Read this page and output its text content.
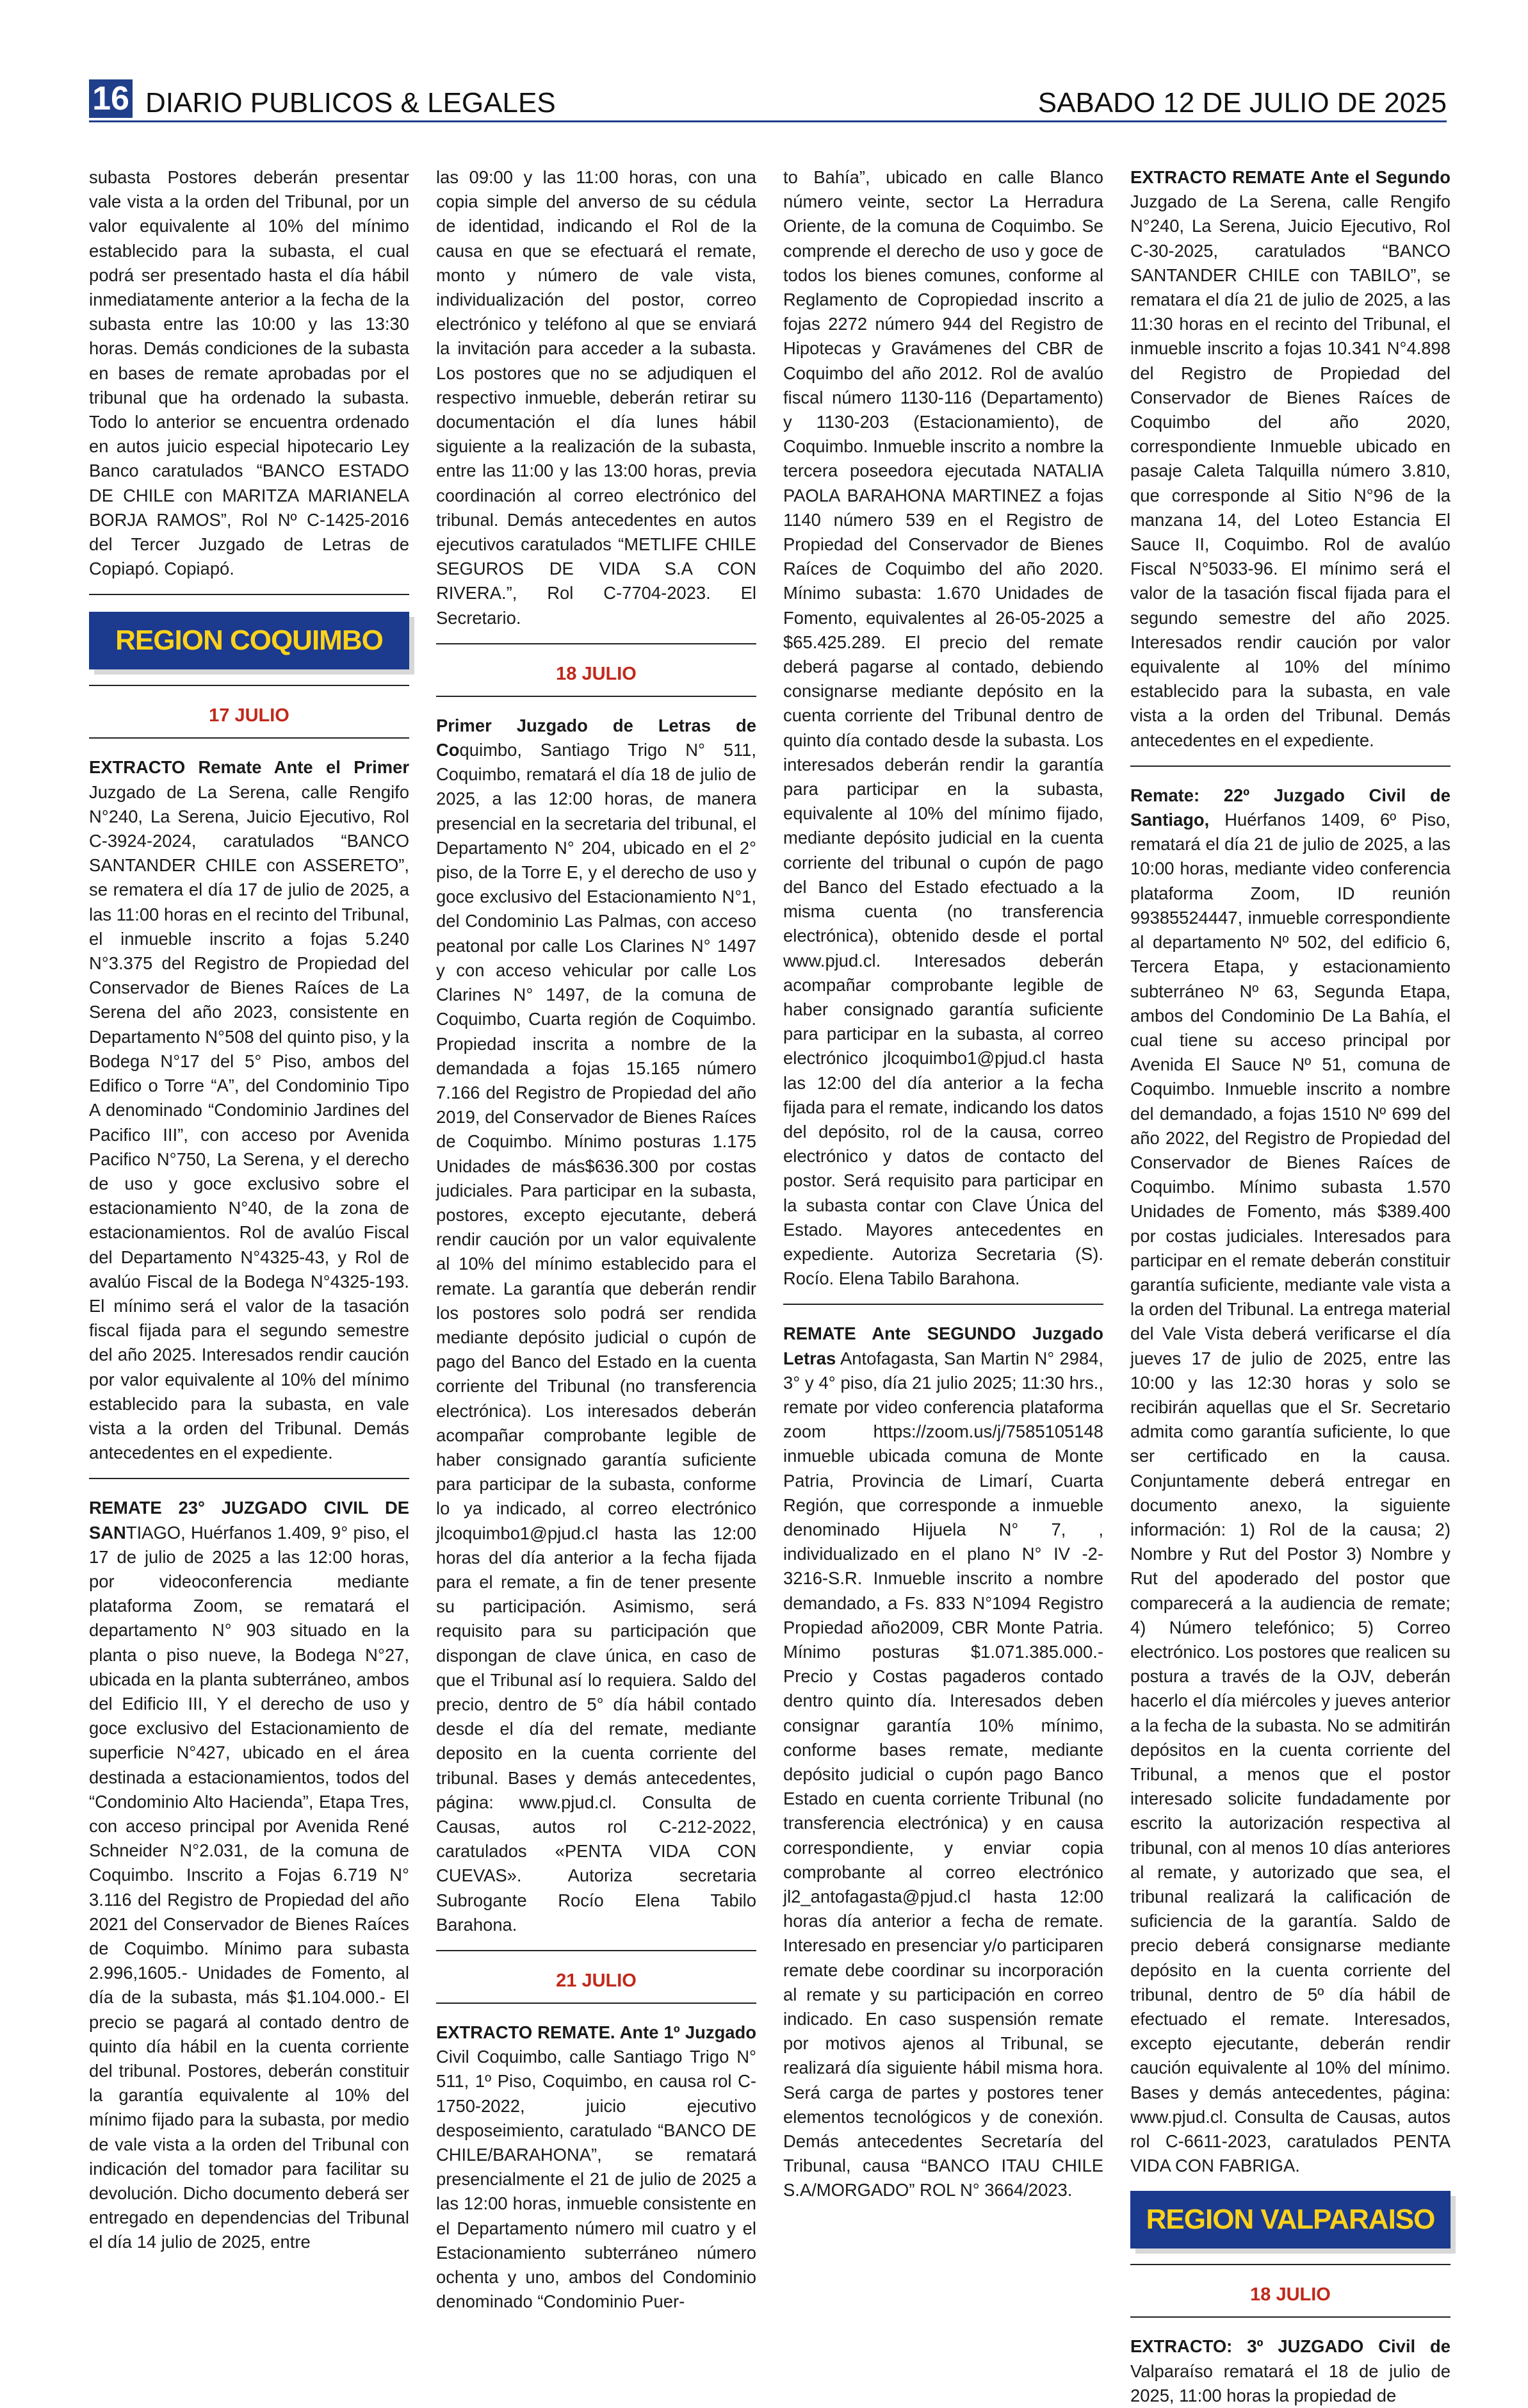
16 DIARIO PUBLICOS & LEGALES	SABADO 12 DE JULIO DE 2025

subasta Postores deberán presentar vale vista a la orden del Tribunal, por un valor equivalente al 10% del mínimo establecido para la subasta, el cual podrá ser presentado hasta el día hábil inmediatamente anterior a la fecha de la subasta entre las 10:00 y las 13:30 horas. Demás condiciones de la subasta en bases de remate aprobadas por el tribunal que ha ordenado la subasta. Todo lo anterior se encuentra ordenado en autos juicio especial hipotecario Ley Banco caratulados “BANCO ESTADO DE CHILE con MARITZA MARIANELA BORJA RAMOS”, Rol Nº C-1425-2016 del Tercer Juzgado de Letras de Copiapó. Copiapó.

REGION COQUIMBO
17 JULIO

EXTRACTO Remate Ante el Primer Juzgado de La Serena, calle Rengifo N°240, La Serena, Juicio Ejecutivo, Rol C-3924-2024, caratulados “BANCO SANTANDER CHILE con ASSERETO”, se rematera el día 17 de julio de 2025, a las 11:00 horas en el recinto del Tribunal, el inmueble inscrito a fojas 5.240 N°3.375 del Registro de Propiedad del Conservador de Bienes Raíces de La Serena del año 2023, consistente en Departamento N°508 del quinto piso, y la Bodega N°17 del 5° Piso, ambos del Edifico o Torre “A”, del Condominio Tipo A denominado “Condominio Jardines del Pacifico III”, con acceso por Avenida Pacifico N°750, La Serena, y el derecho de uso y goce exclusivo sobre el estacionamiento N°40, de la zona de estacionamientos. Rol de avalúo Fiscal del Departamento N°4325-43, y Rol de avalúo Fiscal de la Bodega N°4325-193. El mínimo será el valor de la tasación fiscal fijada para el segundo semestre del año 2025. Interesados rendir caución por valor equivalente al 10% del mínimo establecido para la subasta, en vale vista a la orden del Tribunal. Demás antecedentes en el expediente.

REMATE 23° JUZGADO CIVIL DE SANTIAGO, Huérfanos 1.409, 9° piso, el 17 de julio de 2025 a las 12:00 horas, por videoconferencia mediante plataforma Zoom, se rematará el departamento N° 903 situado en la planta o piso nueve, la Bodega N°27, ubicada en la planta subterráneo, ambos del Edificio III, Y el derecho de uso y goce exclusivo del Estacionamiento de superficie N°427, ubicado en el área destinada a estacionamientos, todos del “Condominio Alto Hacienda”, Etapa Tres, con acceso principal por Avenida René Schneider N°2.031, de la comuna de Coquimbo. Inscrito a Fojas 6.719 N° 3.116 del Registro de Propiedad del año 2021 del Conservador de Bienes Raíces de Coquimbo. Mínimo para subasta 2.996,1605.- Unidades de Fomento, al día de la subasta, más $1.104.000.- El precio se pagará al contado dentro de quinto día hábil en la cuenta corriente del tribunal. Postores, deberán constituir la garantía equivalente al 10% del mínimo fijado para la subasta, por medio de vale vista a la orden del Tribunal con indicación del tomador para facilitar su devolución. Dicho documento deberá ser entregado en dependencias del Tribunal el día 14 julio de 2025, entre

las 09:00 y las 11:00 horas, con una copia simple del anverso de su cédula de identidad, indicando el Rol de la causa en que se efectuará el remate, monto y número de vale vista, individualización del postor, correo electrónico y teléfono al que se enviará la invitación para acceder a la subasta. Los postores que no se adjudiquen el respectivo inmueble, deberán retirar su documentación el día lunes hábil siguiente a la realización de la subasta, entre las 11:00 y las 13:00 horas, previa coordinación al correo electrónico del tribunal. Demás antecedentes en autos ejecutivos caratulados “METLIFE CHILE SEGUROS DE VIDA S.A CON RIVERA.”, Rol C-7704-2023. El Secretario.

18 JULIO

Primer Juzgado de Letras de Coquimbo, Santiago Trigo N° 511, Coquimbo, rematará el día 18 de julio de 2025, a las 12:00 horas, de manera presencial en la secretaria del tribunal, el Departamento N° 204, ubicado en el 2° piso, de la Torre E, y el derecho de uso y goce exclusivo del Estacionamiento N°1, del Condominio Las Palmas, con acceso peatonal por calle Los Clarines N° 1497 y con acceso vehicular por calle Los Clarines N° 1497, de la comuna de Coquimbo, Cuarta región de Coquimbo. Propiedad inscrita a nombre de la demandada a fojas 15.165 número 7.166 del Registro de Propiedad del año 2019, del Conservador de Bienes Raíces de Coquimbo. Mínimo posturas 1.175 Unidades de más$636.300 por costas judiciales. Para participar en la subasta, postores, excepto ejecutante, deberá rendir caución por un valor equivalente al 10% del mínimo establecido para el remate. La garantía que deberán rendir los postores solo podrá ser rendida mediante depósito judicial o cupón de pago del Banco del Estado en la cuenta corriente del Tribunal (no transferencia electrónica). Los interesados deberán acompañar comprobante legible de haber consignado garantía suficiente para participar de la subasta, conforme lo ya indicado, al correo electrónico jlcoquimbo1@pjud.cl hasta las 12:00 horas del día anterior a la fecha fijada para el remate, a fin de tener presente su participación. Asimismo, será requisito para su participación que dispongan de clave única, en caso de que el Tribunal así lo requiera. Saldo del precio, dentro de 5° día hábil contado desde el día del remate, mediante deposito en la cuenta corriente del tribunal. Bases y demás antecedentes, página: www.pjud.cl. Consulta de Causas, autos rol C-212-2022, caratulados «PENTA VIDA CON CUEVAS». Autoriza secretaria Subrogante Rocío Elena Tabilo Barahona.

21 JULIO

EXTRACTO REMATE. Ante 1º Juzgado Civil Coquimbo, calle Santiago Trigo N° 511, 1º Piso, Coquimbo, en causa rol C-1750-2022, juicio ejecutivo desposeimiento, caratulado “BANCO DE CHILE/BARAHONA”, se rematará presencialmente el 21 de julio de 2025 a las 12:00 horas, inmueble consistente en el Departamento número mil cuatro y el Estacionamiento subterráneo número ochenta y uno, ambos del Condominio denominado “Condominio Puer-

to Bahía”, ubicado en calle Blanco número veinte, sector La Herradura Oriente, de la comuna de Coquimbo. Se comprende el derecho de uso y goce de todos los bienes comunes, conforme al Reglamento de Copropiedad inscrito a fojas 2272 número 944 del Registro de Hipotecas y Gravámenes del CBR de Coquimbo del año 2012. Rol de avalúo fiscal número 1130-116 (Departamento) y 1130-203 (Estacionamiento), de Coquimbo. Inmueble inscrito a nombre la tercera poseedora ejecutada NATALIA PAOLA BARAHONA MARTINEZ a fojas 1140 número 539 en el Registro de Propiedad del Conservador de Bienes Raíces de Coquimbo del año 2020. Mínimo subasta: 1.670 Unidades de Fomento, equivalentes al 26-05-2025 a $65.425.289. El precio del remate deberá pagarse al contado, debiendo consignarse mediante depósito en la cuenta corriente del Tribunal dentro de quinto día contado desde la subasta. Los interesados deberán rendir la garantía para participar en la subasta, equivalente al 10% del mínimo fijado, mediante depósito judicial en la cuenta corriente del tribunal o cupón de pago del Banco del Estado efectuado a la misma cuenta (no transferencia electrónica), obtenido desde el portal www.pjud.cl. Interesados deberán acompañar comprobante legible de haber consignado garantía suficiente para participar en la subasta, al correo electrónico jlcoquimbo1@pjud.cl hasta las 12:00 del día anterior a la fecha fijada para el remate, indicando los datos del depósito, rol de la causa, correo electrónico y datos de contacto del postor. Será requisito para participar en la subasta contar con Clave Única del Estado. Mayores antecedentes en expediente. Autoriza Secretaria (S). Rocío. Elena Tabilo Barahona.

REMATE Ante SEGUNDO Juzgado Letras Antofagasta, San Martin N° 2984, 3° y 4° piso, día 21 julio 2025; 11:30 hrs., remate por video conferencia plataforma zoom https://zoom.us/j/7585105148 inmueble ubicada comuna de Monte Patria, Provincia de Limarí, Cuarta Región, que corresponde a inmueble denominado Hijuela N° 7, , individualizado en el plano N° IV -2-3216-S.R. Inmueble inscrito a nombre demandado, a Fs. 833 N°1094 Registro Propiedad año2009, CBR Monte Patria. Mínimo posturas $1.071.385.000.- Precio y Costas pagaderos contado dentro quinto día. Interesados deben consignar garantía 10% mínimo, conforme bases remate, mediante depósito judicial o cupón pago Banco Estado en cuenta corriente Tribunal (no transferencia electrónica) y en causa correspondiente, y enviar copia comprobante al correo electrónico jl2_antofagasta@pjud.cl hasta 12:00 horas día anterior a fecha de remate. Interesado en presenciar y/o participaren remate debe coordinar su incorporación al remate y su participación en correo indicado. En caso suspensión remate por motivos ajenos al Tribunal, se realizará día siguiente hábil misma hora. Será carga de partes y postores tener elementos tecnológicos y de conexión. Demás antecedentes Secretaría del Tribunal, causa “BANCO ITAU CHILE S.A/MORGADO” ROL N° 3664/2023.

EXTRACTO REMATE Ante el Segundo Juzgado de La Serena, calle Rengifo N°240, La Serena, Juicio Ejecutivo, Rol C-30-2025, caratulados “BANCO SANTANDER CHILE con TABILO”, se rematara el día 21 de julio de 2025, a las 11:30 horas en el recinto del Tribunal, el inmueble inscrito a fojas 10.341 N°4.898 del Registro de Propiedad del Conservador de Bienes Raíces de Coquimbo del año 2020, correspondiente Inmueble ubicado en pasaje Caleta Talquilla número 3.810, que corresponde al Sitio N°96 de la manzana 14, del Loteo Estancia El Sauce II, Coquimbo. Rol de avalúo Fiscal N°5033-96. El mínimo será el valor de la tasación fiscal fijada para el segundo semestre del año 2025. Interesados rendir caución por valor equivalente al 10% del mínimo establecido para la subasta, en vale vista a la orden del Tribunal. Demás antecedentes en el expediente.

Remate: 22º Juzgado Civil de Santiago, Huérfanos 1409, 6º Piso, rematará el día 21 de julio de 2025, a las 10:00 horas, mediante video conferencia plataforma Zoom, ID reunión 99385524447, inmueble correspondiente al departamento Nº 502, del edificio 6, Tercera Etapa, y estacionamiento subterráneo Nº 63, Segunda Etapa, ambos del Condominio De La Bahía, el cual tiene su acceso principal por Avenida El Sauce Nº 51, comuna de Coquimbo. Inmueble inscrito a nombre del demandado, a fojas 1510 Nº 699 del año 2022, del Registro de Propiedad del Conservador de Bienes Raíces de Coquimbo. Mínimo subasta 1.570 Unidades de Fomento, más $389.400 por costas judiciales. Interesados para participar en el remate deberán constituir garantía suficiente, mediante vale vista a la orden del Tribunal. La entrega material del Vale Vista deberá verificarse el día jueves 17 de julio de 2025, entre las 10:00 y las 12:30 horas y solo se recibirán aquellas que el Sr. Secretario admita como garantía suficiente, lo que ser certificado en la causa. Conjuntamente deberá entregar en documento anexo, la siguiente información: 1) Rol de la causa; 2) Nombre y Rut del Postor 3) Nombre y Rut del apoderado del postor que comparecerá a la audiencia de remate; 4) Número telefónico; 5) Correo electrónico. Los postores que realicen su postura a través de la OJV, deberán hacerlo el día miércoles y jueves anterior a la fecha de la subasta. No se admitirán depósitos en la cuenta corriente del Tribunal, a menos que el postor interesado solicite fundadamente por escrito la autorización respectiva al tribunal, con al menos 10 días anteriores al remate, y autorizado que sea, el tribunal realizará la calificación de suficiencia de la garantía. Saldo de precio deberá consignarse mediante depósito en la cuenta corriente del tribunal, dentro de 5º día hábil de efectuado el remate. Interesados, excepto ejecutante, deberán rendir caución equivalente al 10% del mínimo. Bases y demás antecedentes, página: www.pjud.cl. Consulta de Causas, autos rol C-6611-2023, caratulados PENTA VIDA CON FABRIGA.

REGION VALPARAISO
18 JULIO

EXTRACTO: 3º JUZGADO Civil de Valparaíso rematará el 18 de julio de 2025, 11:00 horas la propiedad de
